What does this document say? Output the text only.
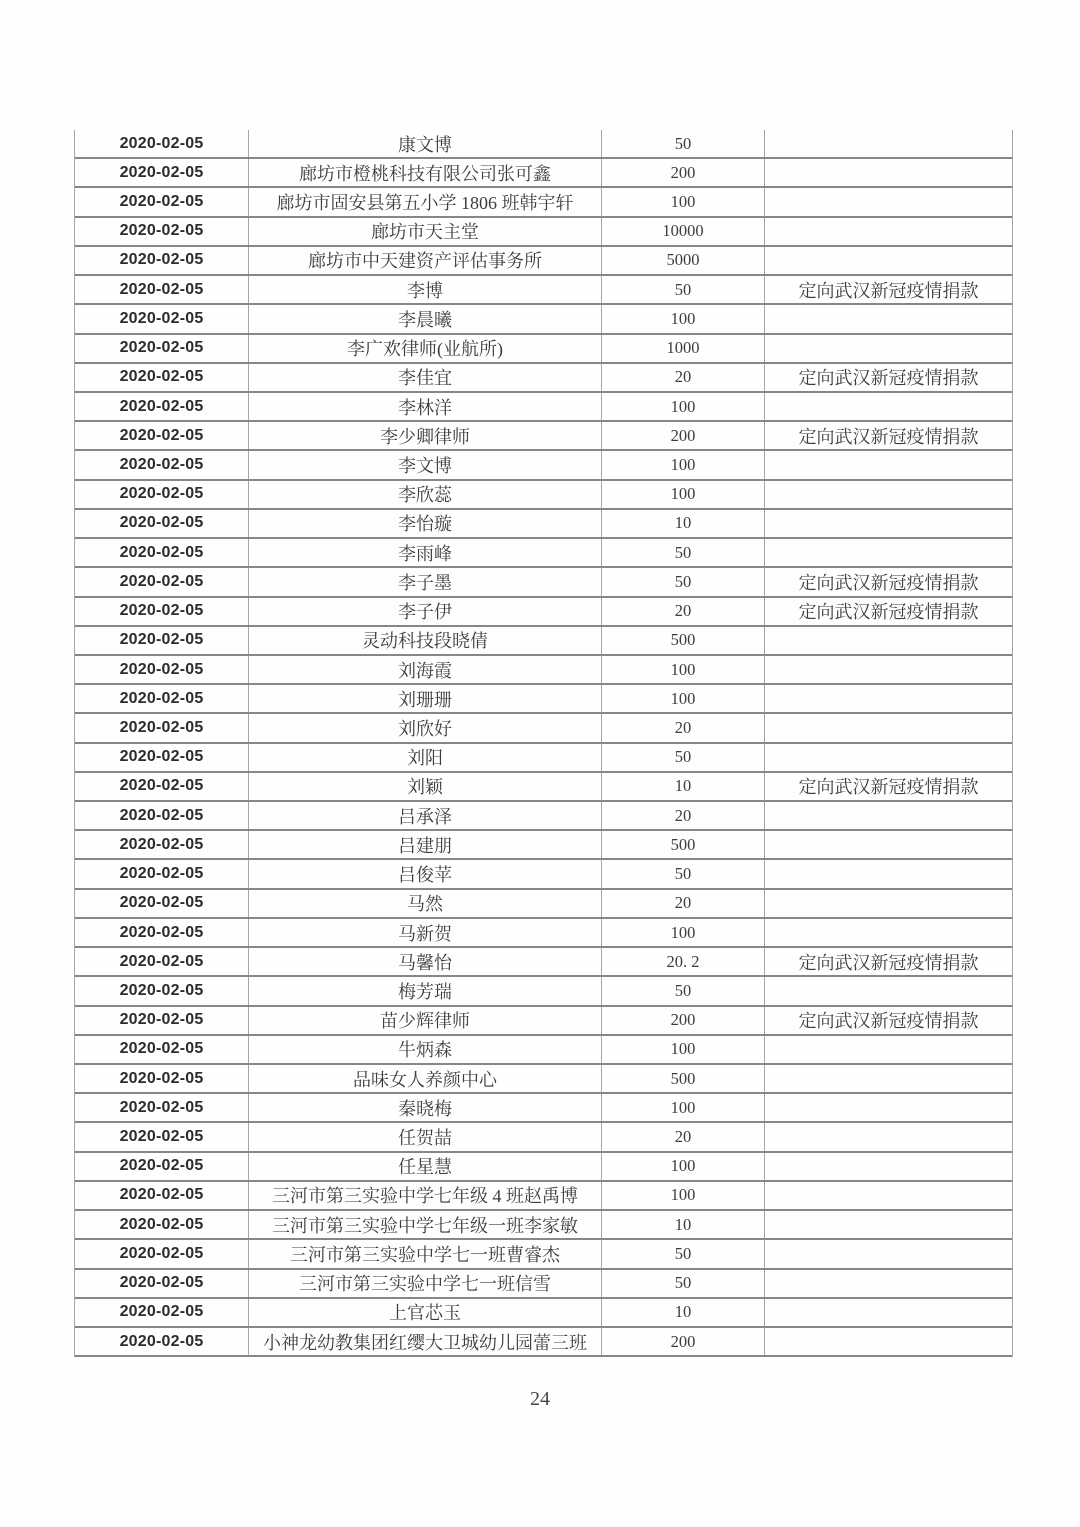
2020-02-05	康文博	50
2020-02-05	廊坊市橙桃科技有限公司张可鑫	200
2020-02-05	廊坊市固安县第五小学 1806 班韩宇轩	100
2020-02-05	廊坊市天主堂	10000
2020-02-05	廊坊市中天建资产评估事务所	5000
2020-02-05	李博	50	定向武汉新冠疫情捐款
2020-02-05	李晨曦	100
2020-02-05	李广欢律师(业航所)	1000
2020-02-05	李佳宜	20	定向武汉新冠疫情捐款
2020-02-05	李林洋	100
2020-02-05	李少卿律师	200	定向武汉新冠疫情捐款
2020-02-05	李文博	100
2020-02-05	李欣蕊	100
2020-02-05	李怡璇	10
2020-02-05	李雨峰	50
2020-02-05	李子墨	50	定向武汉新冠疫情捐款
2020-02-05	李子伊	20	定向武汉新冠疫情捐款
2020-02-05	灵动科技段晓倩	500
2020-02-05	刘海霞	100
2020-02-05	刘珊珊	100
2020-02-05	刘欣好	20
2020-02-05	刘阳	50
2020-02-05	刘颖	10	定向武汉新冠疫情捐款
2020-02-05	吕承泽	20
2020-02-05	吕建朋	500
2020-02-05	吕俊苹	50
2020-02-05	马然	20
2020-02-05	马新贺	100
2020-02-05	马馨怡	20. 2	定向武汉新冠疫情捐款
2020-02-05	梅芳瑞	50
2020-02-05	苗少辉律师	200	定向武汉新冠疫情捐款
2020-02-05	牛炳森	100
2020-02-05	品味女人养颜中心	500
2020-02-05	秦晓梅	100
2020-02-05	任贺喆	20
2020-02-05	任星慧	100
2020-02-05	三河市第三实验中学七年级 4 班赵禹博	100
2020-02-05	三河市第三实验中学七年级一班李家敏	10
2020-02-05	三河市第三实验中学七一班曹睿杰	50
2020-02-05	三河市第三实验中学七一班信雪	50
2020-02-05	上官芯玉	10
2020-02-05	小神龙幼教集团红缨大卫城幼儿园蕾三班	200
24
